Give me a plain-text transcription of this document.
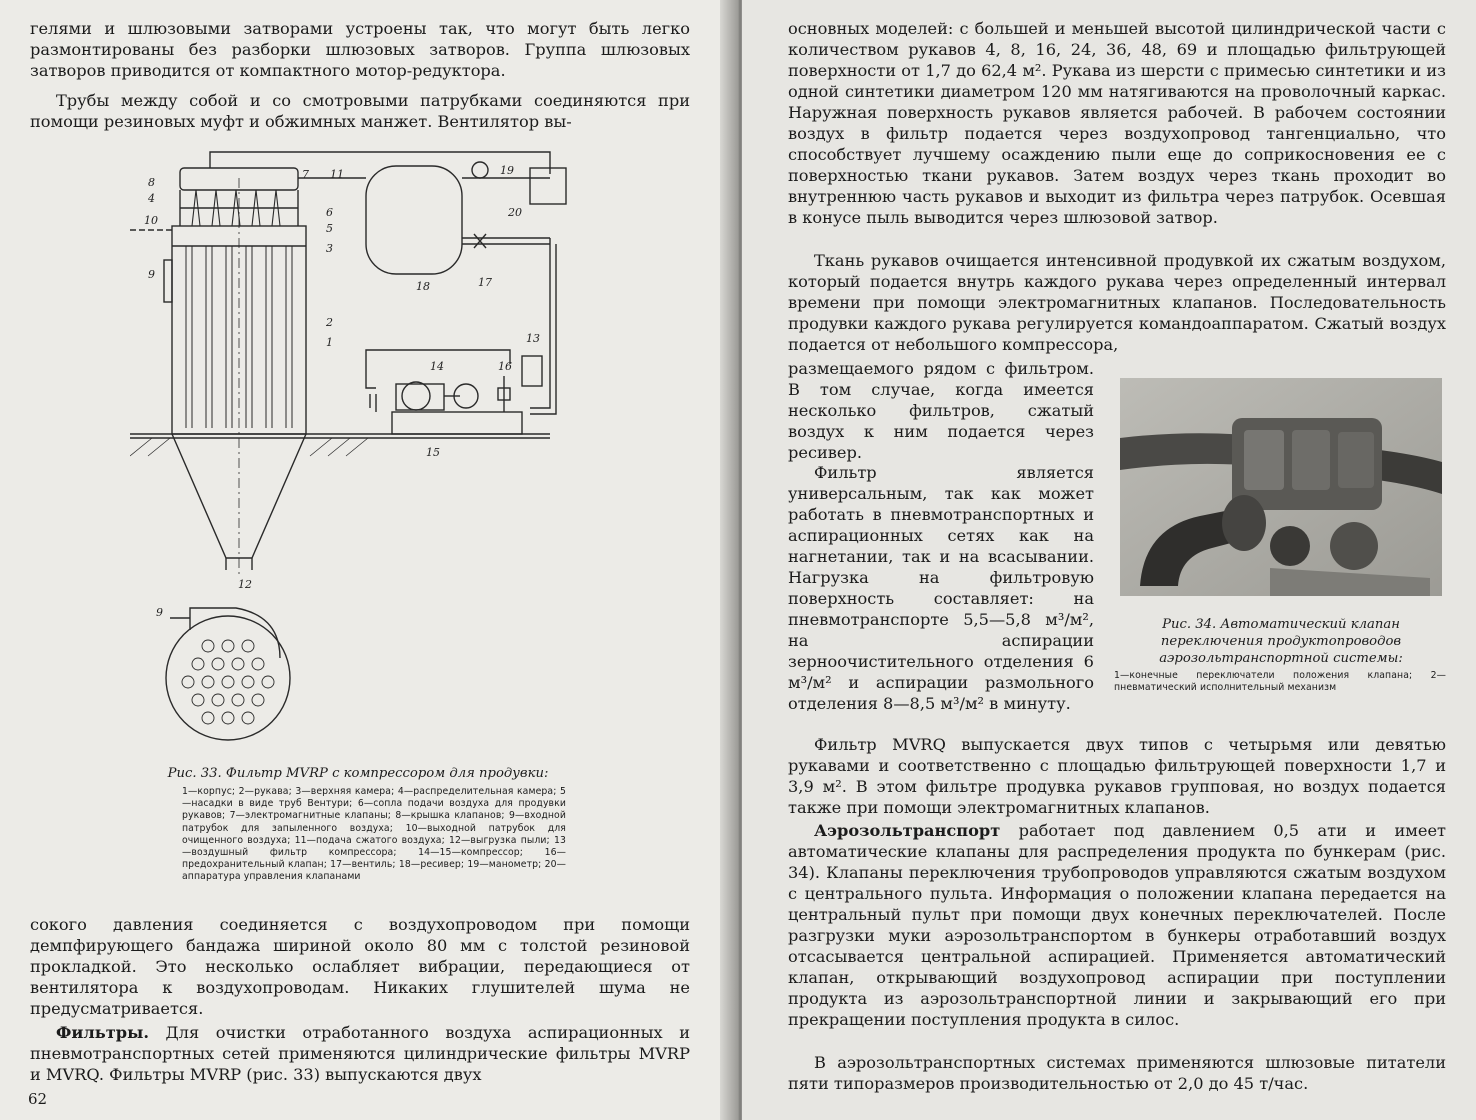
гелями и шлюзовыми затворами устроены так, что могут быть легко размонтированы без разборки шлюзовых затворов. Группа шлюзовых затворов приводится от компактного мотор-редуктора.

Трубы между собой и со смотровыми патрубками соединяются при помощи резиновых муфт и обжимных манжет. Вентилятор вы-

8
4
10
9
7 11
6
5
3
2
1
18
19
20
17
14	16
13
15
12
9

Рис. 33. Фильтр MVRP с компрессором для продувки:

1—корпус; 2—рукава; 3—верхняя камера; 4—распределительная камера; 5—насадки в виде труб Вентури; 6—сопла подачи воздуха для продувки рукавов; 7—электромагнитные клапаны; 8—крышка клапанов; 9—входной патрубок для запыленного воздуха; 10—выходной патрубок для очищенного воздуха; 11—подача сжатого воздуха; 12—выгрузка пыли; 13—воздушный фильтр компрессора; 14—15—компрессор; 16—предохранительный клапан; 17—вентиль; 18—ресивер; 19—манометр; 20—аппаратура управления клапанами

сокого давления соединяется с воздухопроводом при помощи демпфирующего бандажа шириной около 80 мм с толстой резиновой прокладкой. Это несколько ослабляет вибрации, передающиеся от вентилятора к воздухопроводам. Никаких глушителей шума не предусматривается.

Фильтры. Для очистки отработанного воздуха аспирационных и пневмотранспортных сетей применяются цилиндрические фильтры MVRP и MVRQ. Фильтры MVRP (рис. 33) выпускаются двух

62

основных моделей: с большей и меньшей высотой цилиндрической части с количеством рукавов 4, 8, 16, 24, 36, 48, 69 и площадью фильтрующей поверхности от 1,7 до 62,4 м². Рукава из шерсти с примесью синтетики и из одной синтетики диаметром 120 мм натягиваются на проволочный каркас. Наружная поверхность рукавов является рабочей. В рабочем состоянии воздух в фильтр подается через воздухопровод тангенциально, что способствует лучшему осаждению пыли еще до соприкосновения ее с поверхностью ткани рукавов. Затем воздух через ткань проходит во внутреннюю часть рукавов и выходит из фильтра через патрубок. Осевшая в конусе пыль выводится через шлюзовой затвор.

Ткань рукавов очищается интенсивной продувкой их сжатым воздухом, который подается внутрь каждого рукава через определенный интервал времени при помощи электромагнитных клапанов. Последовательность продувки каждого рукава регулируется командоаппаратом. Сжатый воздух подается от небольшого компрессора,

размещаемого рядом с фильтром. В том случае, когда имеется несколько фильтров, сжатый воздух к ним подается через ресивер.

Фильтр является универсальным, так как может работать в пневмотранспортных и аспирационных сетях как на нагнетании, так и на всасывании. Нагрузка на фильтровую поверхность составляет: на пневмотранспорте 5,5—5,8 м³/м², на аспирации зерноочистительного отделения 6 м³/м² и аспирации размольного отделения 8—8,5 м³/м² в минуту.

Рис. 34. Автоматический клапан переключения продуктопроводов аэрозольтранспортной системы:

1—конечные переключатели положения клапана; 2—пневматический исполнительный механизм

Фильтр MVRQ выпускается двух типов с четырьмя или девятью рукавами и соответственно с площадью фильтрующей поверхности 1,7 и 3,9 м². В этом фильтре продувка рукавов групповая, но воздух подается также при помощи электромагнитных клапанов.

Аэрозольтранспорт работает под давлением 0,5 ати и имеет автоматические клапаны для распределения продукта по бункерам (рис. 34). Клапаны переключения трубопроводов управляются сжатым воздухом с центрального пульта. Информация о положении клапана передается на центральный пульт при помощи двух конечных переключателей. После разгрузки муки аэрозольтранспортом в бункеры отработавший воздух отсасывается центральной аспирацией. Применяется автоматический клапан, открывающий воздухопровод аспирации при поступлении продукта из аэрозольтранспортной линии и закрывающий его при прекращении поступления продукта в силос.

В аэрозольтранспортных системах применяются шлюзовые питатели пяти типоразмеров производительностью от 2,0 до 45 т/час.
